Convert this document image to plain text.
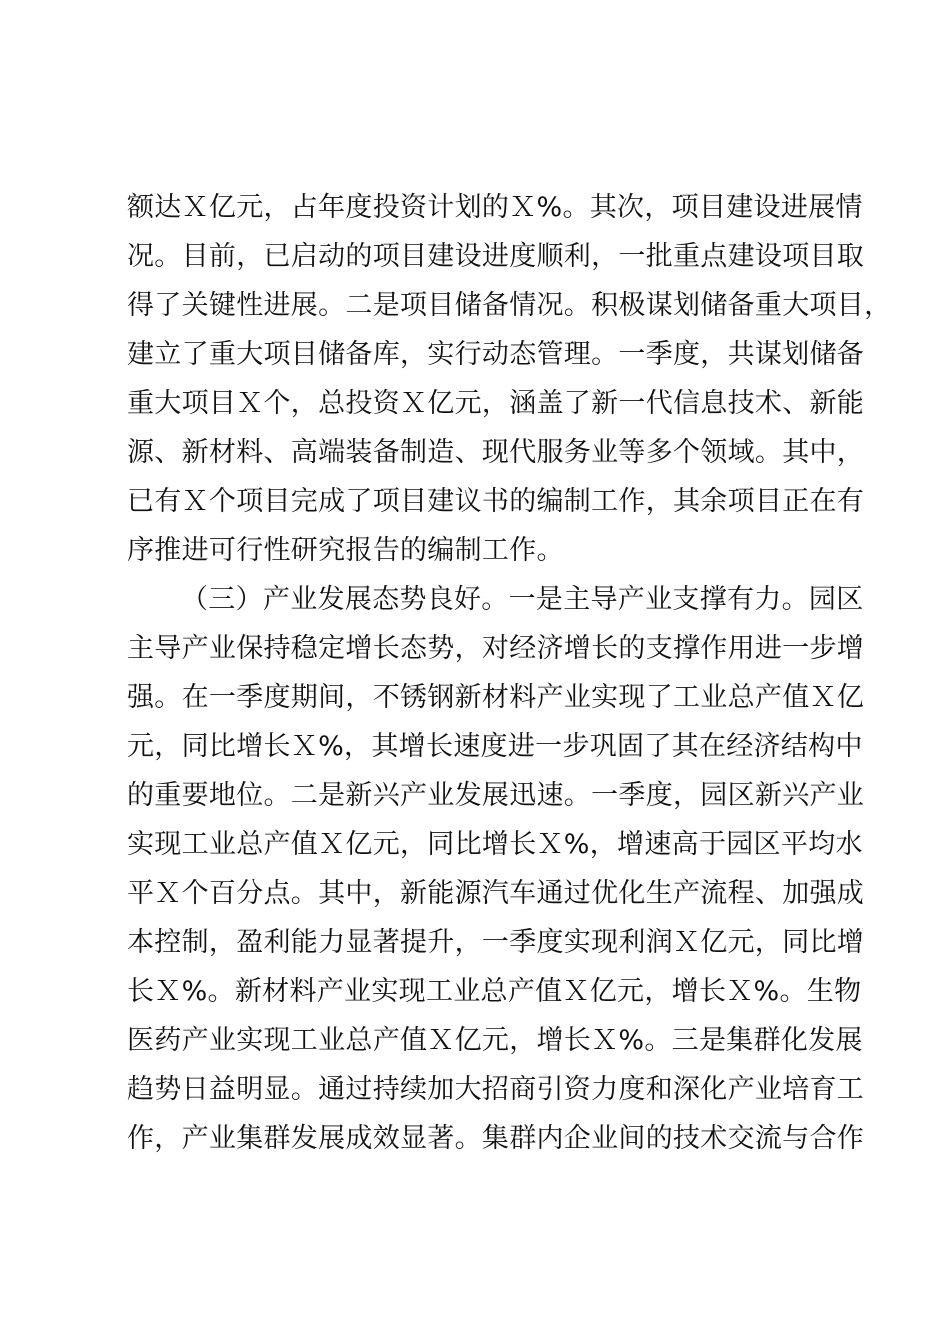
额达Ｘ亿元，占年度投资计划的Ｘ%。其次，项目建设进展情
况。目前，已启动的项目建设进度顺利，一批重点建设项目取
得了关键性进展。二是项目储备情况。积极谋划储备重大项目，
建立了重大项目储备库，实行动态管理。一季度，共谋划储备
重大项目Ｘ个，总投资Ｘ亿元，涵盖了新一代信息技术、新能
源、新材料、高端装备制造、现代服务业等多个领域。其中，
已有Ｘ个项目完成了项目建议书的编制工作，其余项目正在有
序推进可行性研究报告的编制工作。
（三）产业发展态势良好。一是主导产业支撑有力。园区
主导产业保持稳定增长态势，对经济增长的支撑作用进一步增
强。在一季度期间，不锈钢新材料产业实现了工业总产值Ｘ亿
元，同比增长Ｘ%，其增长速度进一步巩固了其在经济结构中
的重要地位。二是新兴产业发展迅速。一季度，园区新兴产业
实现工业总产值Ｘ亿元，同比增长Ｘ%，增速高于园区平均水
平Ｘ个百分点。其中，新能源汽车通过优化生产流程、加强成
本控制，盈利能力显著提升，一季度实现利润Ｘ亿元，同比增
长Ｘ%。新材料产业实现工业总产值Ｘ亿元，增长Ｘ%。生物
医药产业实现工业总产值Ｘ亿元，增长Ｘ%。三是集群化发展
趋势日益明显。通过持续加大招商引资力度和深化产业培育工
作，产业集群发展成效显著。集群内企业间的技术交流与合作
